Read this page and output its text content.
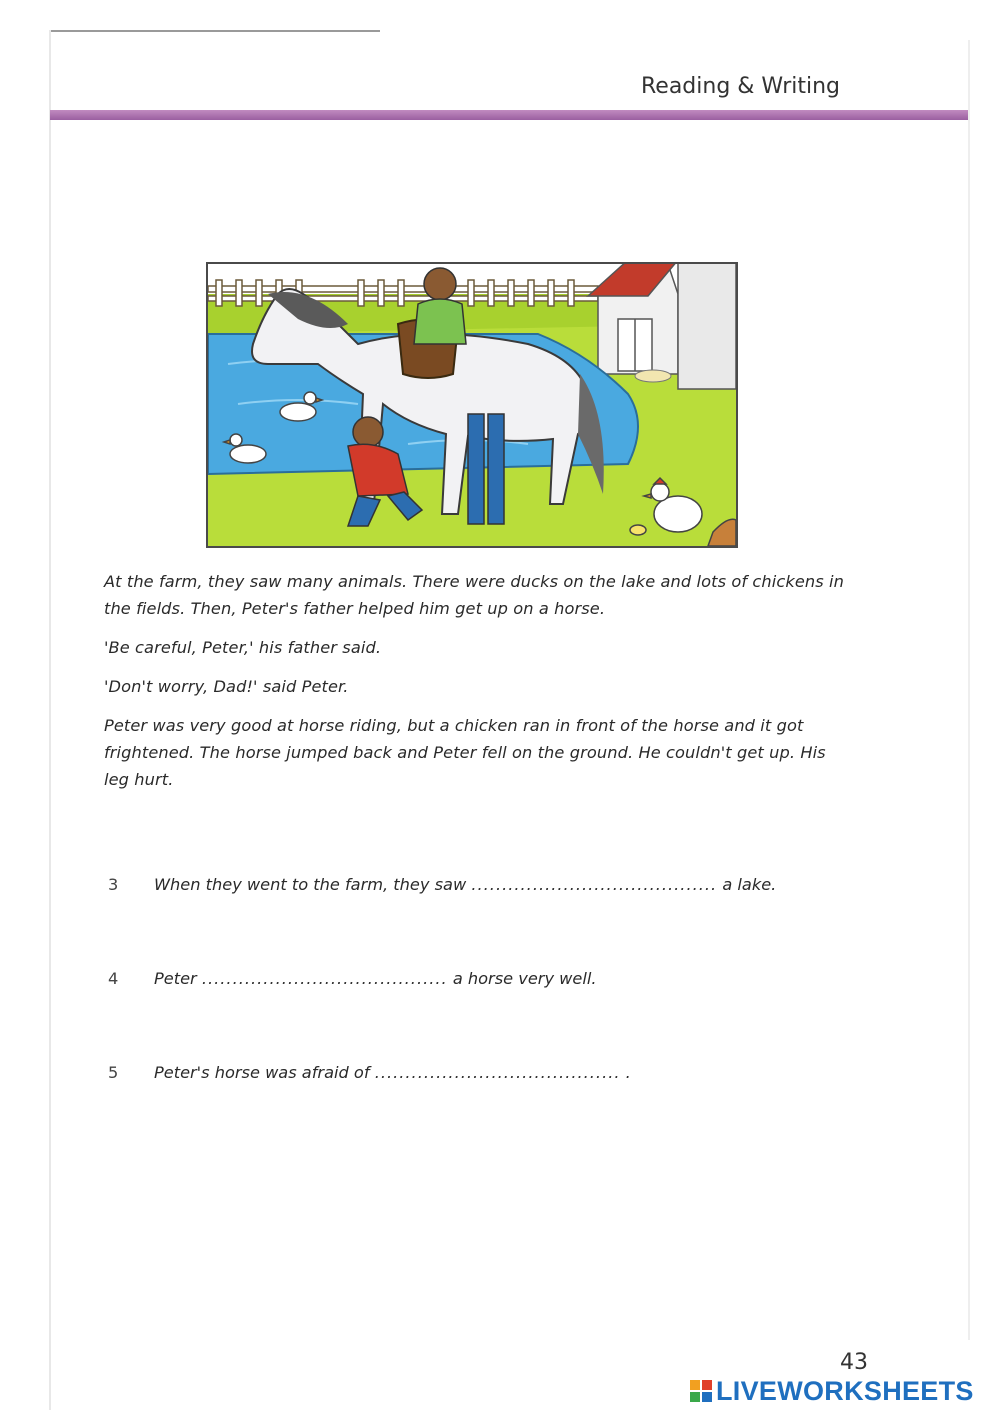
Reading & Writing

At the farm, they saw many animals. There were ducks on the lake and lots of chickens in the fields. Then, Peter's father helped him get up on a horse.

'Be careful, Peter,' his father said.

'Don't worry, Dad!' said Peter.

Peter was very good at horse riding, but a chicken ran in front of the horse and it got frightened. The horse jumped back and Peter fell on the ground. He couldn't get up. His leg hurt.

3 When they went to the farm, they saw ........................................ a lake.
4 Peter ........................................ a horse very well.
5 Peter's horse was afraid of ........................................ .
43
LIVEWORKSHEETS
